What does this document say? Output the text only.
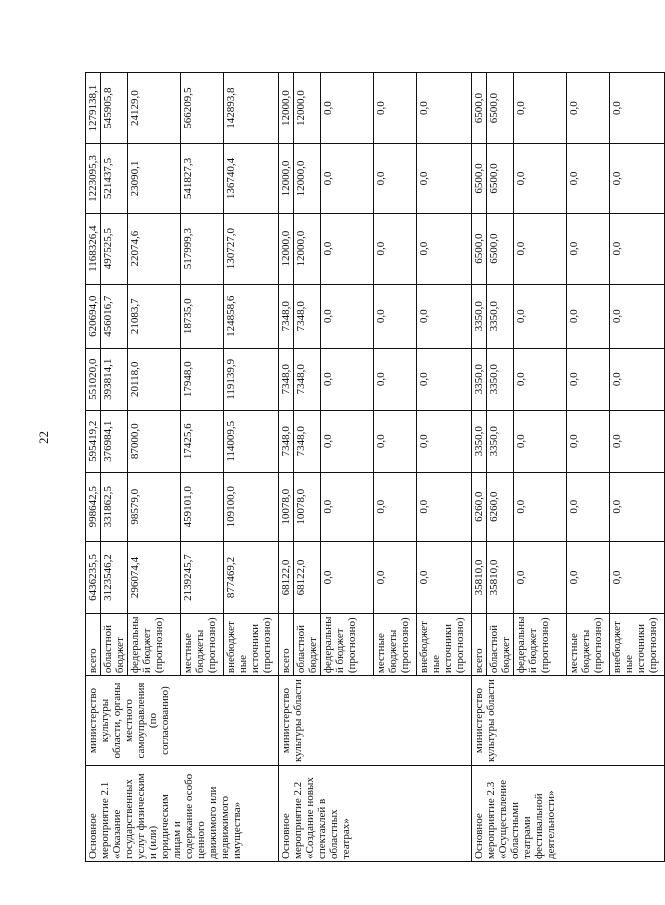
22
Основное мероприятие 2.1 «Оказание государственных услуг физическим и (или) юридическим лицам и содержание особо ценного движимого или недвижимого имущества»	министерство культуры области, органы местного самоуправления (по согласованию)	всего	6436235,5	998642,5	595419,2	551020,0	620694,0	1168326,4	1223095,3	1279138,1
		областной бюджет	3123546,2	331862,5	376984,1	393814,1	456016,7	497525,5	521437,5	545905,8
		федеральный бюджет (прогнозно)	296074,4	98579,0	87000,0	20118,0	21083,7	22074,6	23090,1	24129,0
		местные бюджеты (прогнозно)	2139245,7	459101,0	17425,6	17948,0	18735,0	517999,3	541827,3	566209,5
		внебюджетные источники (прогнозно)	877469,2	109100,0	114009,5	119139,9	124858,6	130727,0	136740,4	142893,8
Основное мероприятие 2.2 «Создание новых спектаклей в областных театрах»	министерство культуры области	всего	68122,0	10078,0	7348,0	7348,0	7348,0	12000,0	12000,0	12000,0
		областной бюджет	68122,0	10078,0	7348,0	7348,0	7348,0	12000,0	12000,0	12000,0
		федеральный бюджет (прогнозно)	0,0	0,0	0,0	0,0	0,0	0,0	0,0	0,0
		местные бюджеты (прогнозно)	0,0	0,0	0,0	0,0	0,0	0,0	0,0	0,0
		внебюджетные источники (прогнозно)	0,0	0,0	0,0	0,0	0,0	0,0	0,0	0,0
Основное мероприятие 2.3 «Осуществление областными театрами фестивальной деятельности»	министерство культуры области	всего	35810,0	6260,0	3350,0	3350,0	3350,0	6500,0	6500,0	6500,0
		областной бюджет	35810,0	6260,0	3350,0	3350,0	3350,0	6500,0	6500,0	6500,0
		федеральный бюджет (прогнозно)	0,0	0,0	0,0	0,0	0,0	0,0	0,0	0,0
		местные бюджеты (прогнозно)	0,0	0,0	0,0	0,0	0,0	0,0	0,0	0,0
		внебюджетные источники (прогнозно)	0,0	0,0	0,0	0,0	0,0	0,0	0,0	0,0
